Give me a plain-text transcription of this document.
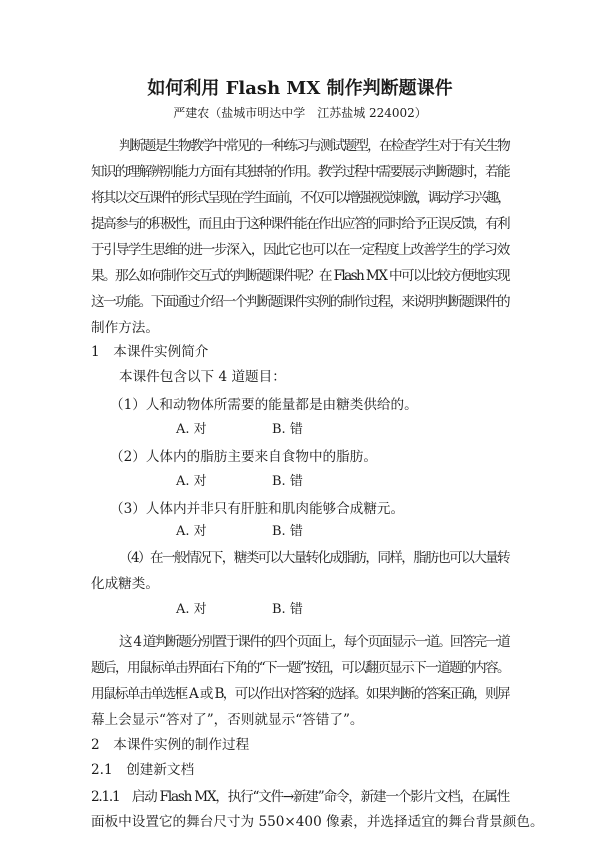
如何利用 Flash MX 制作判断题课件
严建农（盐城市明达中学　江苏盐城 224002）
判断题是生物教学中常见的一种练习与测试题型，在检查学生对于有关生物
知识的理解辨别能力方面有其独特的作用。教学过程中需要展示判断题时，若能
将其以交互课件的形式呈现在学生面前，不仅可以增强视觉刺激，调动学习兴趣，
提高参与的积极性，而且由于这种课件能在作出应答的同时给予正误反馈，有利
于引导学生思维的进一步深入，因此它也可以在一定程度上改善学生的学习效
果。那么如何制作交互式的判断题课件呢？在 Flash MX 中可以比较方便地实现
这一功能。下面通过介绍一个判断题课件实例的制作过程，来说明判断题课件的
制作方法。
1　本课件实例简介
本课件包含以下 4 道题目：
（1）人和动物体所需要的能量都是由糖类供给的。
A. 对	B. 错
（2）人体内的脂肪主要来自食物中的脂肪。
A. 对	B. 错
（3）人体内并非只有肝脏和肌肉能够合成糖元。
A. 对	B. 错
（4）在一般情况下，糖类可以大量转化成脂肪，同样，脂肪也可以大量转
化成糖类。
A. 对	B. 错
这 4 道判断题分别置于课件的四个页面上，每个页面显示一道。回答完一道
题后，用鼠标单击界面右下角的“下一题”按钮，可以翻页显示下一道题的内容。
用鼠标单击单选框 A 或 B，可以作出对答案的选择。如果判断的答案正确，则屏
幕上会显示“答对了”，否则就显示“答错了”。
2　本课件实例的制作过程
2.1　创建新文档
2.1.1　启动 Flash MX，执行“文件→新建”命令，新建一个影片文档，在属性
面板中设置它的舞台尺寸为 550×400 像素，并选择适宜的舞台背景颜色。
